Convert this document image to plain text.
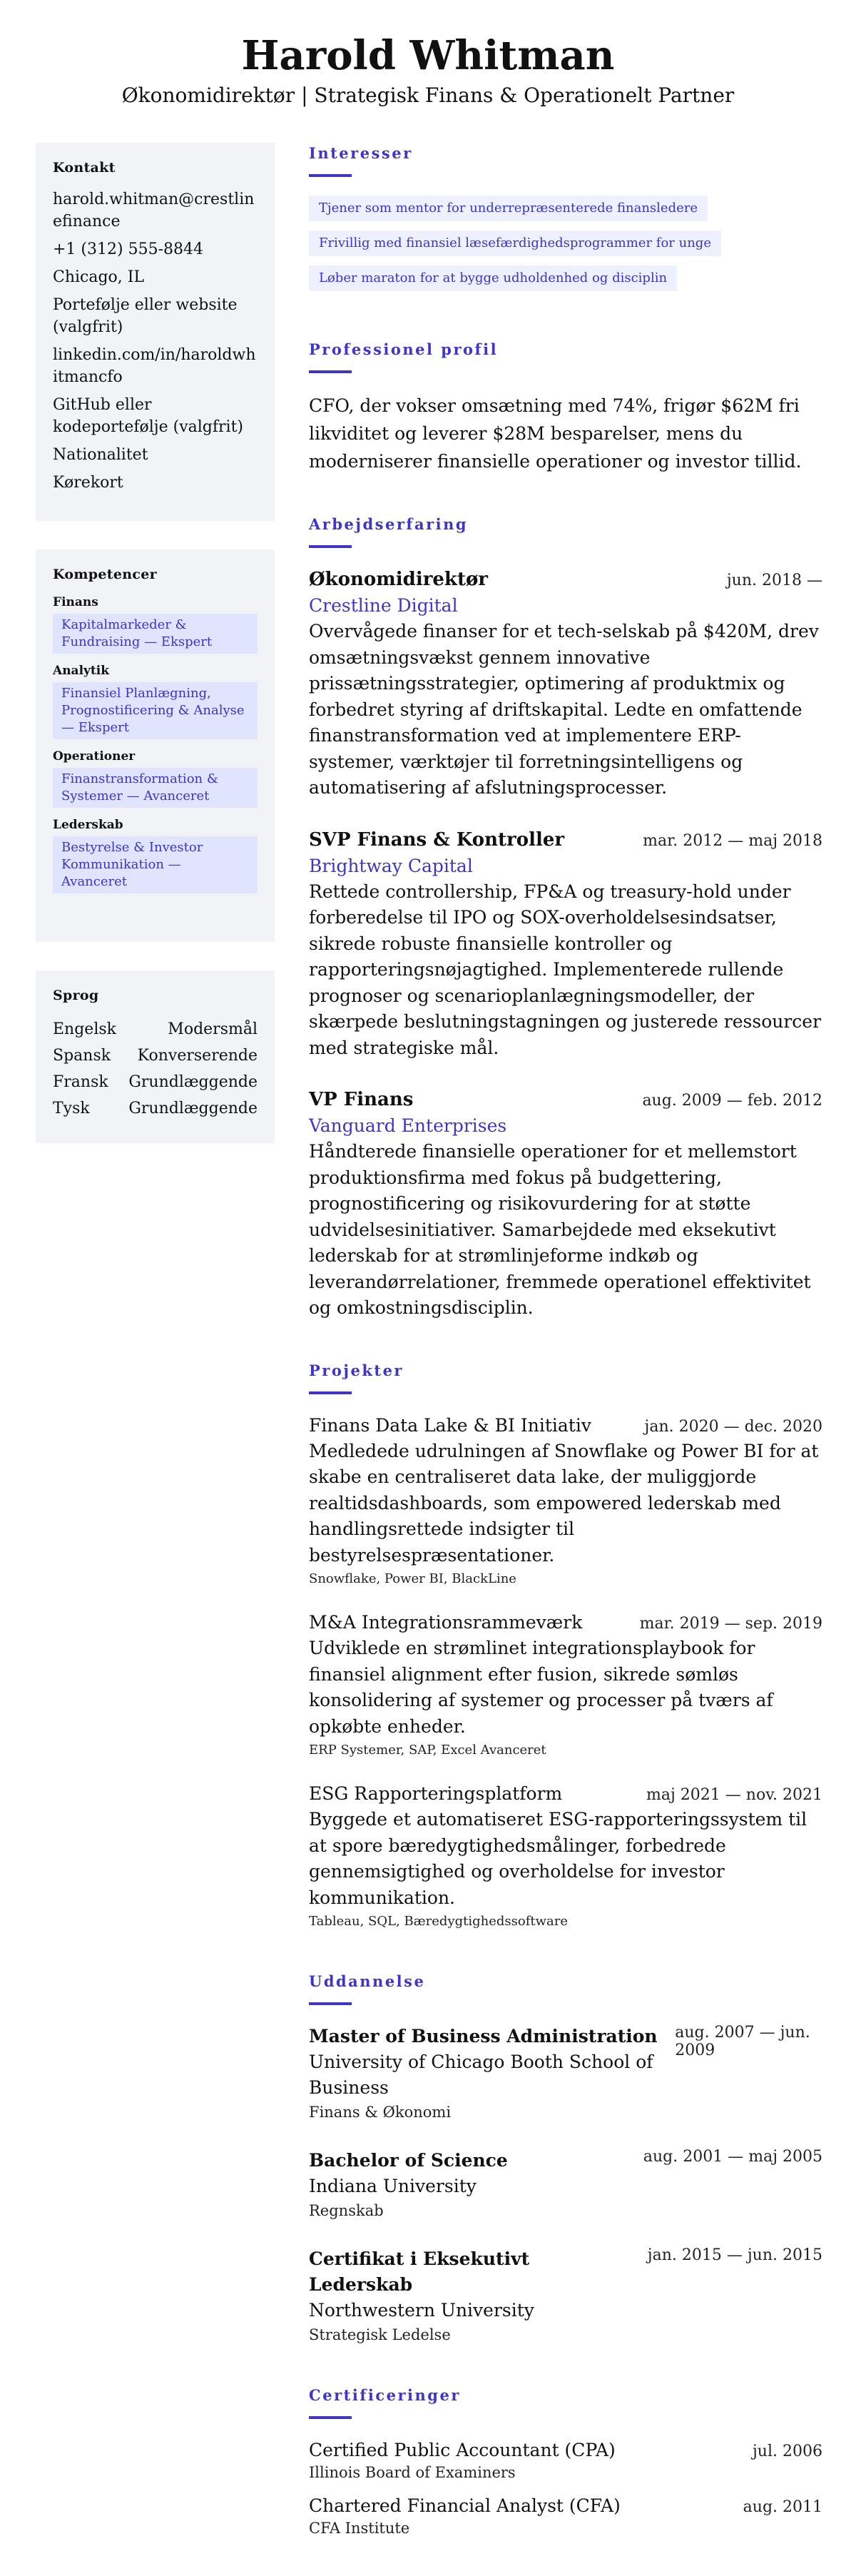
Harold Whitman
Økonomidirektør | Strategisk Finans & Operationelt Partner
Kontakt
harold.whitman@crestlinefinance
+1 (312) 555-8844
Chicago, IL
Portefølje eller website (valgfrit)
linkedin.com/in/haroldwhitmancfo
GitHub eller kodeportefølje (valgfrit)
Nationalitet
Kørekort
Kompetencer
Finans
Kapitalmarkeder & Fundraising — Ekspert
Analytik
Finansiel Planlægning, Prognostificering & Analyse — Ekspert
Operationer
Finanstransformation & Systemer — Avanceret
Lederskab
Bestyrelse & Investor Kommunikation — Avanceret
Sprog
Engelsk	Modersmål
Spansk Konverserende
Fransk Grundlæggende
Tysk Grundlæggende
Interesser
Tjener som mentor for underrepræsenterede finansledere
Frivillig med finansiel læsefærdighedsprogrammer for unge
Løber maraton for at bygge udholdenhed og disciplin
Professionel profil

CFO, der vokser omsætning med 74%, frigør $62M fri likviditet og leverer $28M besparelser, mens du moderniserer finansielle operationer og investor tillid.

Arbejdserfaring
Økonomidirektør	jun. 2018 —
Crestline Digital

Overvågede finanser for et tech-selskab på $420M, drev omsætningsvækst gennem innovative prissætningsstrategier, optimering af produktmix og forbedret styring af driftskapital. Ledte en omfattende finanstransformation ved at implementere ERP-systemer, værktøjer til forretningsintelligens og automatisering af afslutningsprocesser.

SVP Finans & Kontroller	mar. 2012 — maj 2018
Brightway Capital

Rettede controllership, FP&A og treasury-hold under forberedelse til IPO og SOX-overholdelsesindsatser, sikrede robuste finansielle kontroller og rapporteringsnøjagtighed. Implementerede rullende prognoser og scenarioplanlægningsmodeller, der skærpede beslutningstagningen og justerede ressourcer med strategiske mål.

VP Finans	aug. 2009 — feb. 2012
Vanguard Enterprises

Håndterede finansielle operationer for et mellemstort produktionsfirma med fokus på budgettering, prognostificering og risikovurdering for at støtte udvidelsesinitiativer. Samarbejdede med eksekutivt lederskab for at strømlinjeforme indkøb og leverandørrelationer, fremmede operationel effektivitet og omkostningsdisciplin.

Projekter
Finans Data Lake & BI Initiativ	jan. 2020 — dec. 2020

Medledede udrulningen af Snowflake og Power BI for at skabe en centraliseret data lake, der muliggjorde realtidsdashboards, som empowered lederskab med handlingsrettede indsigter til bestyrelsespræsentationer.

Snowflake, Power BI, BlackLine
M&A Integrationsrammeværk	mar. 2019 — sep. 2019

Udviklede en strømlinet integrationsplaybook for finansiel alignment efter fusion, sikrede sømløs konsolidering af systemer og processer på tværs af opkøbte enheder.

ERP Systemer, SAP, Excel Avanceret
ESG Rapporteringsplatform	maj 2021 — nov. 2021

Byggede et automatiseret ESG-rapporteringssystem til at spore bæredygtighedsmålinger, forbedrede gennemsigtighed og overholdelse for investor kommunikation.

Tableau, SQL, Bæredygtighedssoftware
Uddannelse
Master of Business Administration
University of Chicago Booth School of Business
Finans & Økonomi
aug. 2007 — jun. 2009
Bachelor of Science
Indiana University
Regnskab
aug. 2001 — maj 2005
Certifikat i Eksekutivt Lederskab
Northwestern University
Strategisk Ledelse
jan. 2015 — jun. 2015
Certificeringer
Certified Public Accountant (CPA)	jul. 2006
Illinois Board of Examiners
Chartered Financial Analyst (CFA)	aug. 2011
CFA Institute
